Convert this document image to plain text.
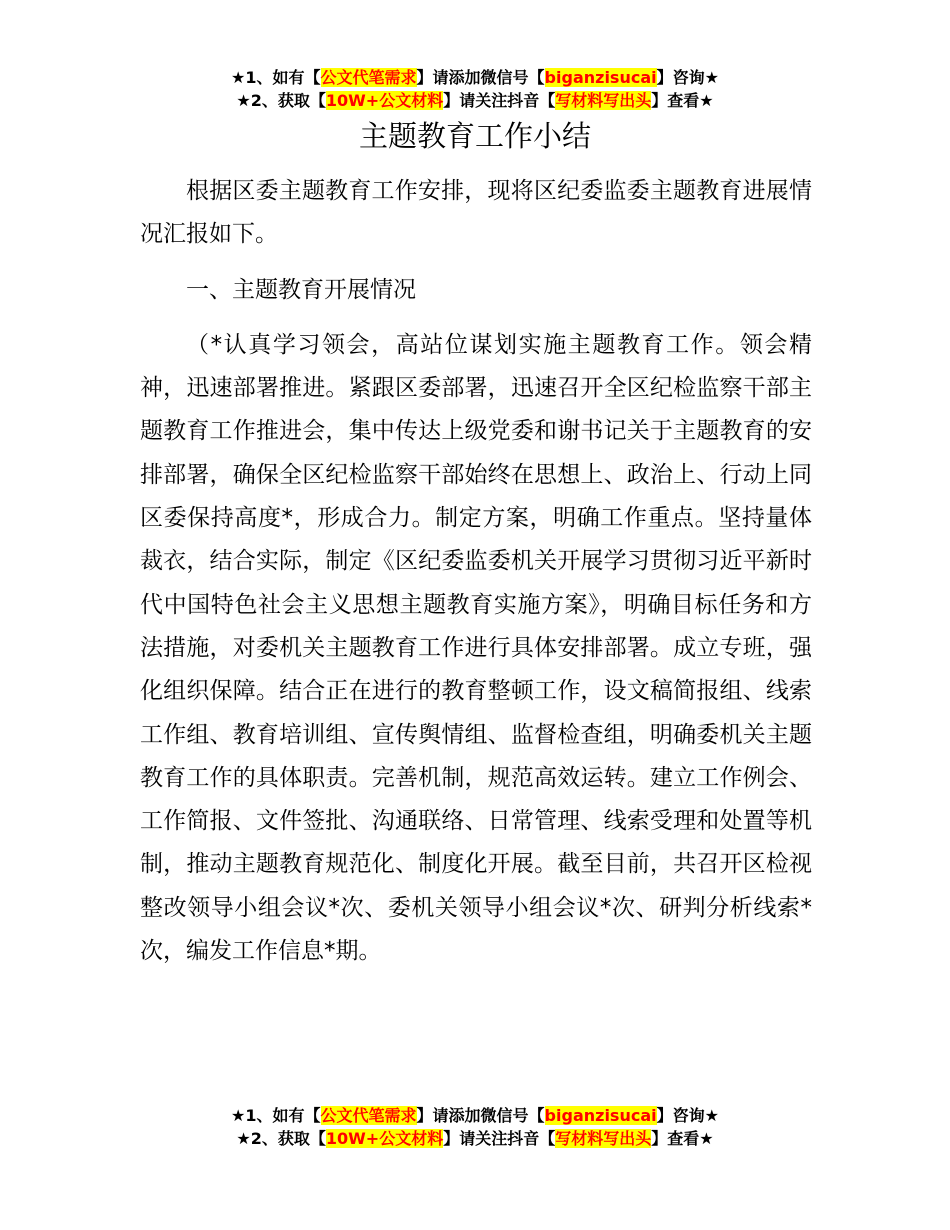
★1、如有【公文代笔需求】请添加微信号【biganzisucai】咨询★
★2、获取【10W+公文材料】请关注抖音【写材料写出头】查看★
主题教育工作小结

根据区委主题教育工作安排，现将区纪委监委主题教育进展情况汇报如下。

一、主题教育开展情况

（*认真学习领会，高站位谋划实施主题教育工作。领会精神，迅速部署推进。紧跟区委部署，迅速召开全区纪检监察干部主题教育工作推进会，集中传达上级党委和谢书记关于主题教育的安排部署，确保全区纪检监察干部始终在思想上、政治上、行动上同区委保持高度*，形成合力。制定方案，明确工作重点。坚持量体裁衣，结合实际，制定《区纪委监委机关开展学习贯彻习近平新时代中国特色社会主义思想主题教育实施方案》，明确目标任务和方法措施，对委机关主题教育工作进行具体安排部署。成立专班，强化组织保障。结合正在进行的教育整顿工作，设文稿简报组、线索工作组、教育培训组、宣传舆情组、监督检查组，明确委机关主题教育工作的具体职责。完善机制，规范高效运转。建立工作例会、工作简报、文件签批、沟通联络、日常管理、线索受理和处置等机制，推动主题教育规范化、制度化开展。截至目前，共召开区检视整改领导小组会议*次、委机关领导小组会议*次、研判分析线索*次，编发工作信息*期。

★1、如有【公文代笔需求】请添加微信号【biganzisucai】咨询★
★2、获取【10W+公文材料】请关注抖音【写材料写出头】查看★
